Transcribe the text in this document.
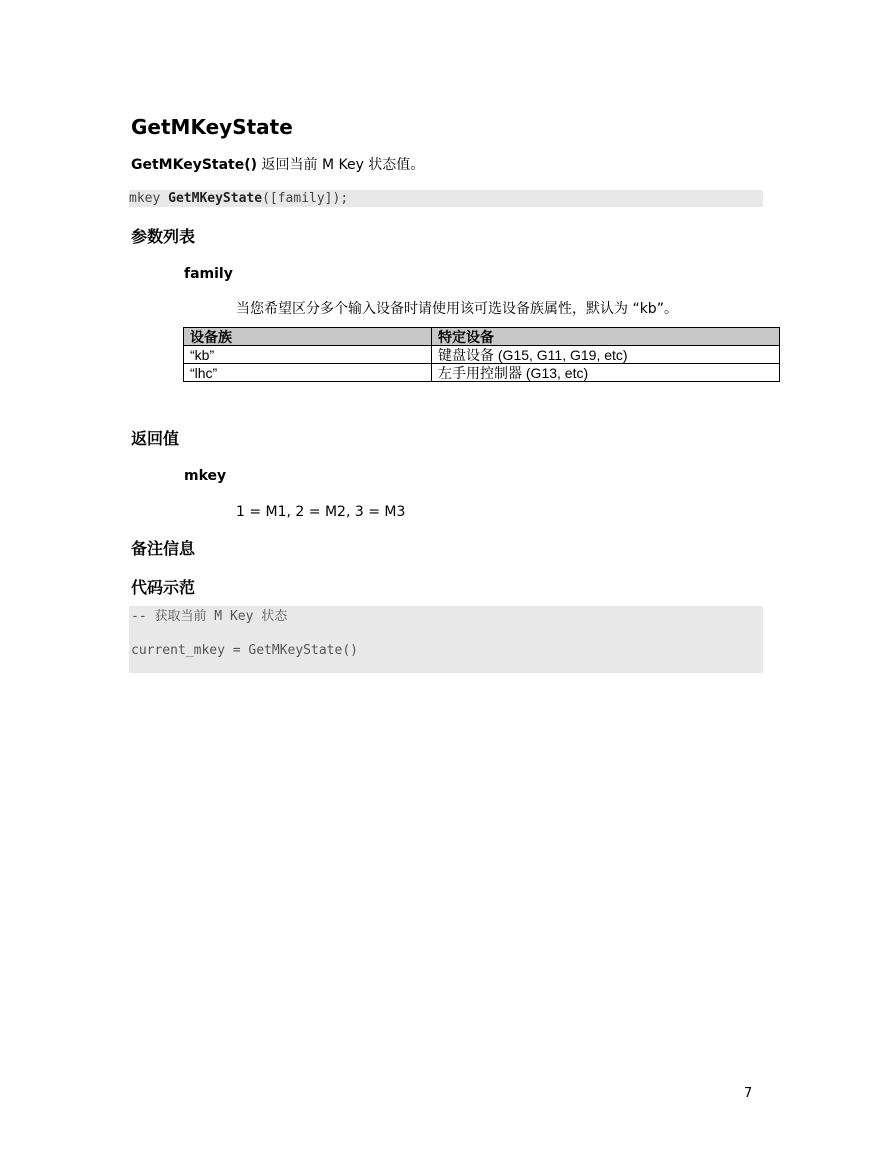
GetMKeyState
GetMKeyState() 返回当前 M Key 状态值。
mkey GetMKeyState([family]);
参数列表
family
当您希望区分多个输入设备时请使用该可选设备族属性，默认为 “kb”。
设备族	特定设备
“kb”	键盘设备 (G15, G11, G19, etc)
“lhc”	左手用控制器 (G13, etc)
返回值
mkey
1 = M1, 2 = M2, 3 = M3
备注信息
代码示范
-- 获取当前 M Key 状态
current_mkey = GetMKeyState()
7
